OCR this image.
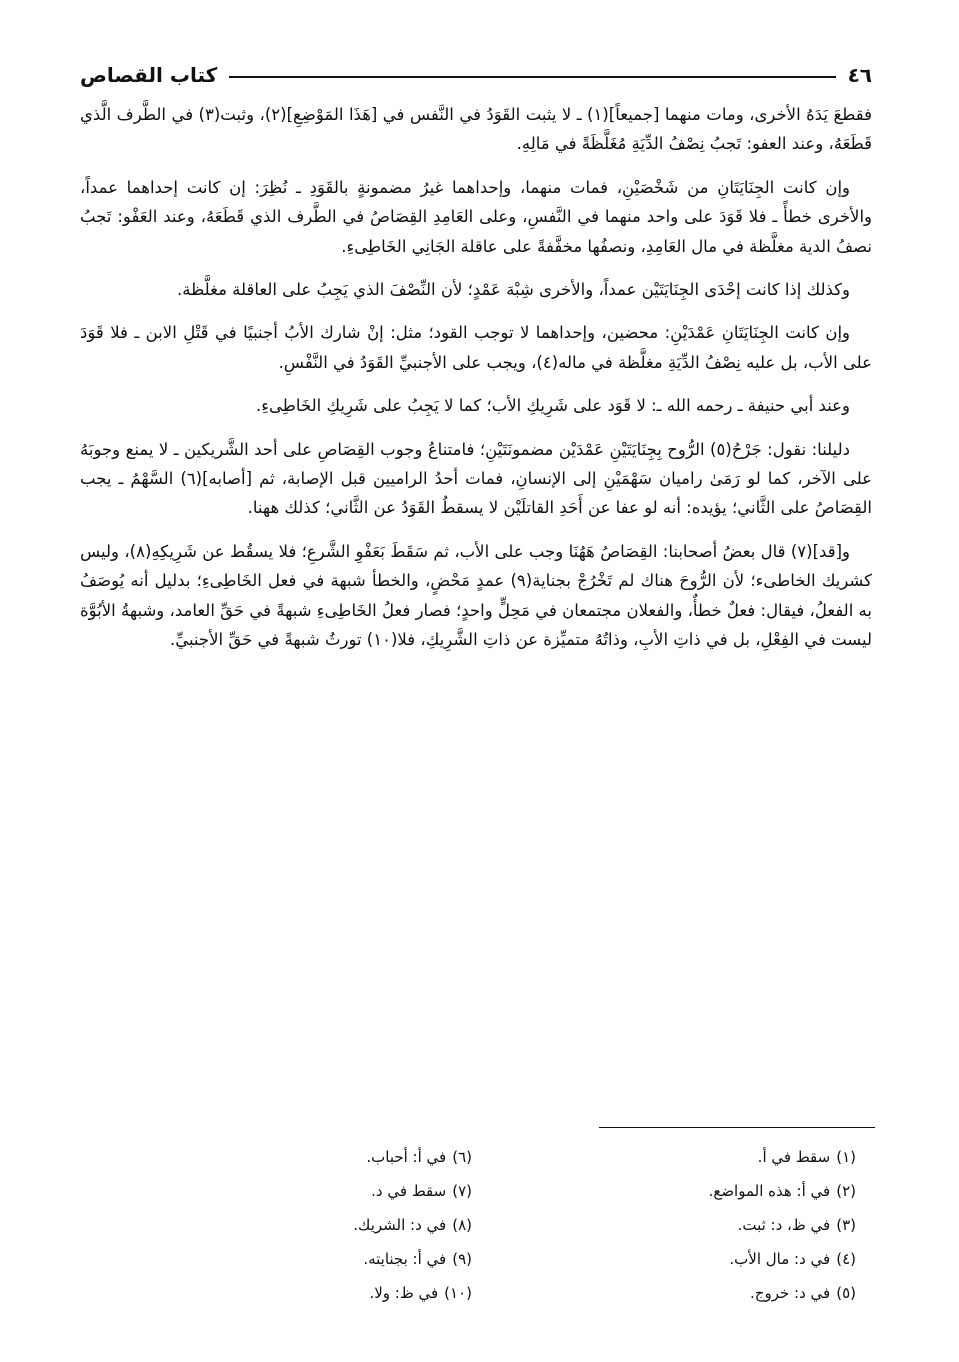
٤٦
كتاب القصاص

فقطعَ يَدَهُ الأخرى، ومات منهما [جميعاً](١) ـ لا يثبت القَوَدُ في النَّفس في [هَذَا المَوْضِعِ](٢)، وثبت(٣) في الطَّرف الَّذي قَطَعَهُ، وعند العفو: تَجبُ نِصْفُ الدِّيَةِ مُغَلَّظَةً في مَالِهِ.

وإن كانت الجِنَايَتَانِ من شَخْصَيْنِ، فمات منهما، وإحداهما غيرُ مضمونةٍ بالقَوَدِ ـ نُظِرَ: إن كانت إحداهما عمداً، والأخرى خطأً ـ فلا قَوَدَ على واحد منهما في النَّفسِ، وعلى العَامِدِ القِصَاصُ في الطَّرف الذي قَطَعَهُ، وعند العَفْو: تَجبُ نصفُ الدية مغلَّظة في مال العَامِدِ، ونصفُها مخفَّفةً على عاقلة الجَانِي الخَاطِىءِ.

وكذلك إذا كانت إحْدَى الجِنَايَتَيْن عمداً، والأخرى شِبْهَ عَمْدٍ؛ لأن النِّصْفَ الذي يَجِبُ على العاقلة مغلَّظة.

وإن كانت الجِنَايَتَانِ عَمْدَيْنِ: محضين، وإحداهما لا توجب القود؛ مثل: إنْ شارك الأبُ أجنبيًا في قَتْلِ الابن ـ فلا قَوَدَ على الأب، بل عليه نِصْفُ الدِّيَةِ مغلَّظة في ماله(٤)، ويجب على الأجنبيِّ القَوَدُ في النَّفْسِ.

وعند أبي حنيفة ـ رحمه الله ـ: لا قَوَد على شَرِيكِ الأب؛ كما لا يَجِبُ على شَرِيكِ الخَاطِىءِ.

دليلنا: نقول: جَرْحُ(٥) الرُّوح بِجِنَايَتَيْنِ عَمْدَيْن مضمونَتَيْنِ؛ فامتناعُ وجوب القِصَاصِ على أحد الشَّريكين ـ لا يمنع وجوبَهُ على الآخر، كما لو رَمَىٰ راميان سَهْمَيْنِ إلى الإنسانِ، فمات أحدُ الراميين قبل الإصابة، ثم [أصابه](٦) السَّهْمُ ـ يجب القِصَاصُ على الثَّاني؛ يؤيده: أنه لو عفا عن أَحَدِ القاتلَيْن لا يسقطُ القَوَدُ عن الثَّاني؛ كذلك ههنا.

و[قد](٧) قال بعضُ أصحابنا: القِصَاصُ هَهُنَا وجب على الأب، ثم سَقَطَ بَعَفْوِ الشَّرعِ؛ فلا يسقُط عن شَرِيكِهِ(٨)، وليس كشريك الخاطىء؛ لأن الرُّوحَ هناك لم تَخْرُجْ بجناية(٩) عمدٍ مَحْضٍ، والخطأ شبهة في فعل الخَاطِىءِ؛ بدليل أنه يُوصَفُ به الفعلُ، فيقال: فعلٌ خطأٌ، والفعلان مجتمعان في مَحِلٍّ واحدٍ؛ فصار فعلُ الخَاطِىءِ شبهةً في حَقِّ العامد، وشبهةُ الأبُوَّة ليست في الفِعْلِ، بل في ذاتِ الأبِ، وذاتُهُ متميِّزة عن ذاتِ الشَّرِيكِ، فلا(١٠) تورثُ شبهةً في حَقِّ الأجنبيِّ.

(١)سقط في أ.
(٢)في أ: هذه المواضع.
(٣)في ظ، د: ثبت.
(٤)في د: مال الأب.
(٥)في د: خروج.
(٦)في أ: أحباب.
(٧)سقط في د.
(٨)في د: الشريك.
(٩)في أ: بجنايته.
(١٠)في ظ: ولا.
